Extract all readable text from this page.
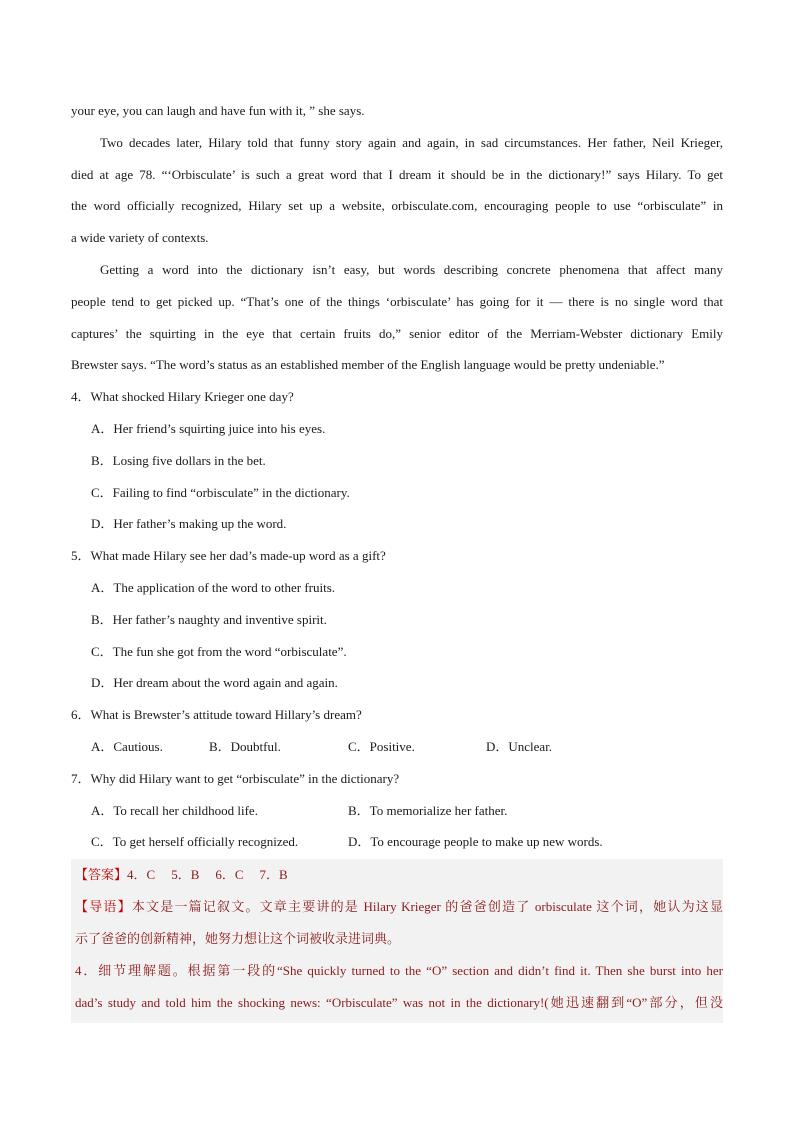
your eye, you can laugh and have fun with it, ” she says.
Two decades later, Hilary told that funny story again and again, in sad circumstances. Her father, Neil Krieger,
died at age 78. “‘Orbisculate’ is such a great word that I dream it should be in the dictionary!” says Hilary. To get
the word officially recognized, Hilary set up a website, orbisculate.com, encouraging people to use “orbisculate” in
a wide variety of contexts.
Getting a word into the dictionary isn’t easy, but words describing concrete phenomena that affect many
people tend to get picked up. “That’s one of the things ‘orbisculate’ has going for it — there is no single word that
captures’ the squirting in the eye that certain fruits do,” senior editor of the Merriam-Webster dictionary Emily
Brewster says. “The word’s status as an established member of the English language would be pretty undeniable.”
4．What shocked Hilary Krieger one day?
A．Her friend’s squirting juice into his eyes.
B．Losing five dollars in the bet.
C．Failing to find “orbisculate” in the dictionary.
D．Her father’s making up the word.
5．What made Hilary see her dad’s made-up word as a gift?
A．The application of the word to other fruits.
B．Her father’s naughty and inventive spirit.
C．The fun she got from the word “orbisculate”.
D．Her dream about the word again and again.
6．What is Brewster’s attitude toward Hillary’s dream?
A．Cautious.	B．Doubtful.	C．Positive.	D．Unclear.
7．Why did Hilary want to get “orbisculate” in the dictionary?
A．To recall her childhood life.	B．To memorialize her father.
C．To get herself officially recognized.	D．To encourage people to make up new words.
【答案】4．C 5．B 6．C 7．B
【导语】本文是一篇记叙文。文章主要讲的是 Hilary Krieger 的爸爸创造了 orbisculate 这个词，她认为这显
示了爸爸的创新精神，她努力想让这个词被收录进词典。
4．细节理解题。根据第一段的“She quickly turned to the “O” section and didn’t find it. Then she burst into her
dad’s study and told him the shocking news: “Orbisculate” was not in the dictionary!(她迅速翻到“O”部分，但没
